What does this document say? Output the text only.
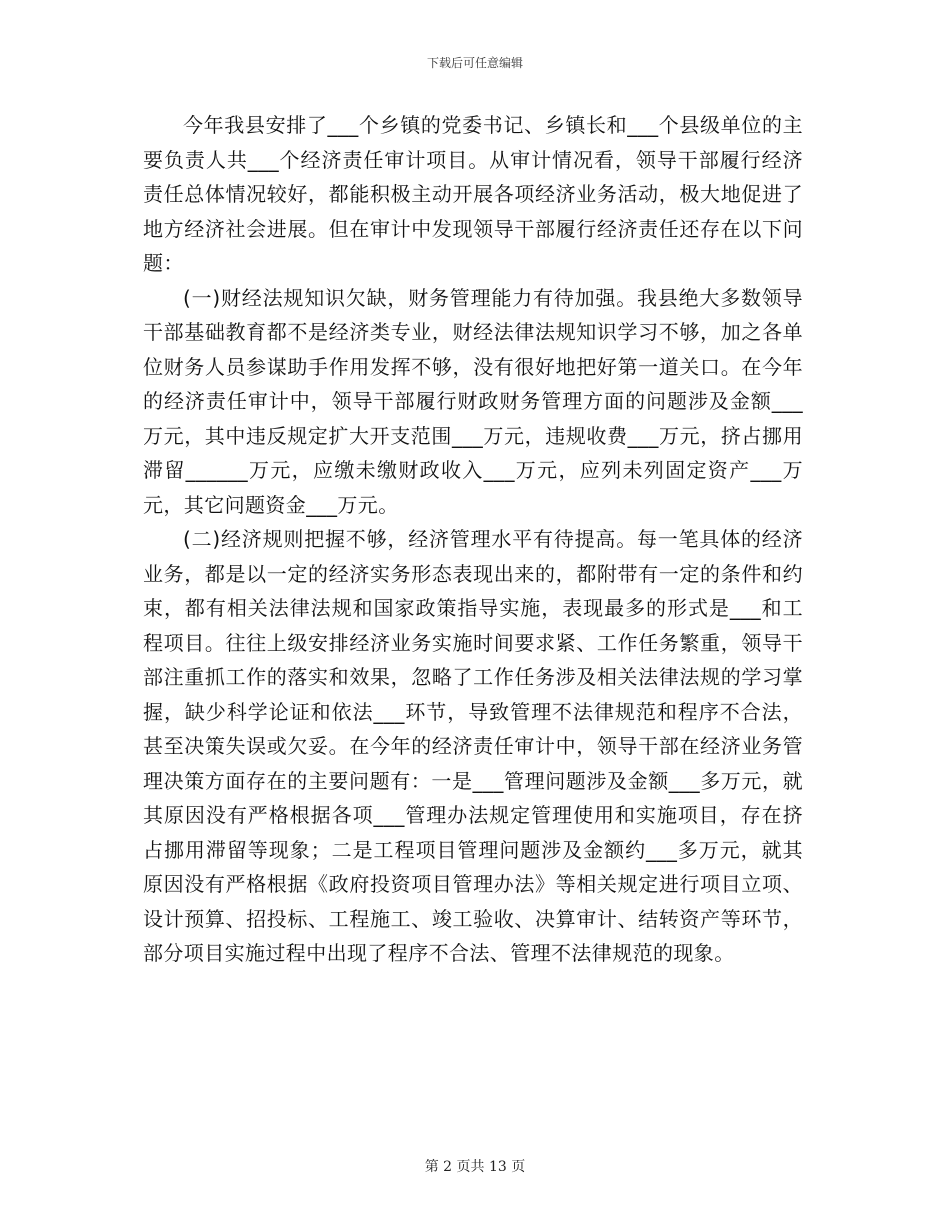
下载后可任意编辑

今年我县安排了___个乡镇的党委书记、乡镇长和___个县级单位的主要负责人共___个经济责任审计项目。从审计情况看，领导干部履行经济责任总体情况较好，都能积极主动开展各项经济业务活动，极大地促进了地方经济社会进展。但在审计中发现领导干部履行经济责任还存在以下问题：

(一)财经法规知识欠缺，财务管理能力有待加强。我县绝大多数领导干部基础教育都不是经济类专业，财经法律法规知识学习不够，加之各单位财务人员参谋助手作用发挥不够，没有很好地把好第一道关口。在今年的经济责任审计中，领导干部履行财政财务管理方面的问题涉及金额___万元，其中违反规定扩大开支范围___万元，违规收费___万元，挤占挪用滞留______万元，应缴未缴财政收入___万元，应列未列固定资产___万元，其它问题资金___万元。

(二)经济规则把握不够，经济管理水平有待提高。每一笔具体的经济业务，都是以一定的经济实务形态表现出来的，都附带有一定的条件和约束，都有相关法律法规和国家政策指导实施，表现最多的形式是___和工程项目。往往上级安排经济业务实施时间要求紧、工作任务繁重，领导干部注重抓工作的落实和效果，忽略了工作任务涉及相关法律法规的学习掌握，缺少科学论证和依法___环节，导致管理不法律规范和程序不合法，甚至决策失误或欠妥。在今年的经济责任审计中，领导干部在经济业务管理决策方面存在的主要问题有：一是___管理问题涉及金额___多万元，就其原因没有严格根据各项___管理办法规定管理使用和实施项目，存在挤占挪用滞留等现象；二是工程项目管理问题涉及金额约___多万元，就其原因没有严格根据《政府投资项目管理办法》等相关规定进行项目立项、设计预算、招投标、工程施工、竣工验收、决算审计、结转资产等环节，部分项目实施过程中出现了程序不合法、管理不法律规范的现象。

第 2 页共 13 页
